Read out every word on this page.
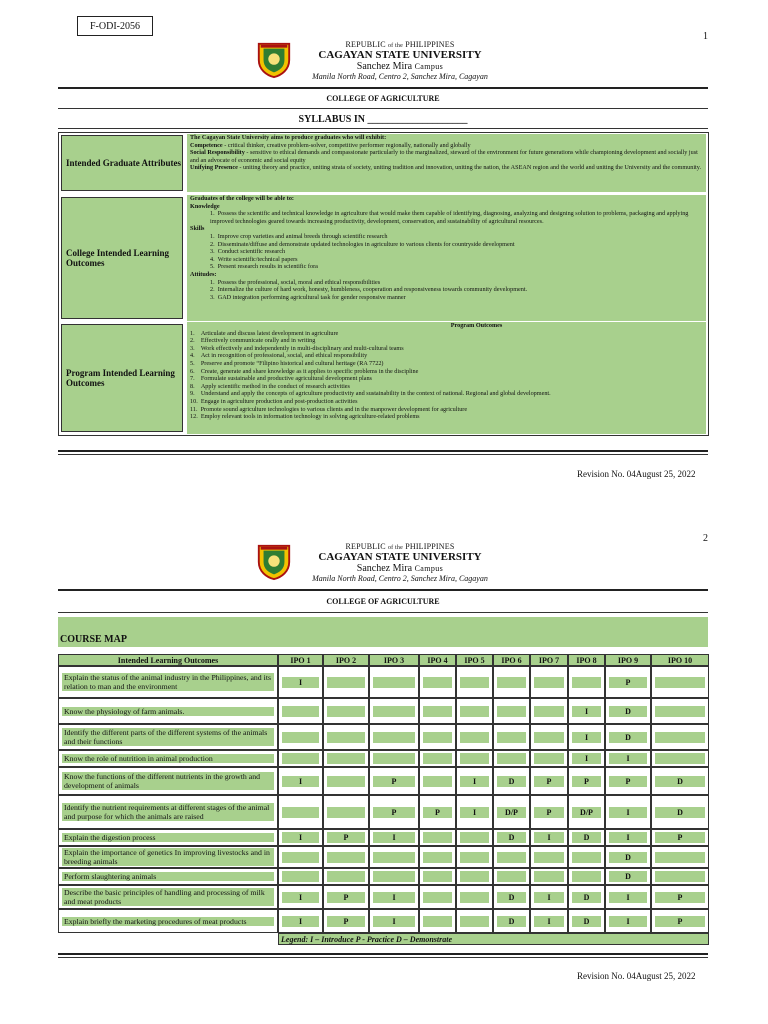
F-ODI-2056
1
REPUBLIC of the PHILIPPINES
CAGAYAN STATE UNIVERSITY
Sanchez Mira Campus
Manila North Road, Centro 2, Sanchez Mira, Cagayan
COLLEGE OF AGRICULTURE
SYLLABUS IN ____________________
Intended Graduate Attributes
The Cagayan State University aims to produce graduates who will exhibit:
Competence - critical thinker, creative problem-solver, competitive performer regionally, nationally and globally
Social Responsibility - sensitive to ethical demands and compassionate particularly to the marginalized, steward of the environment for future generations while championing development and socially just and an advocate of economic and social equity
Unifying Presence - uniting theory and practice, uniting strata of society, uniting tradition and innovation, uniting the nation, the ASEAN region and the world and uniting the University and the community.
College Intended Learning Outcomes
Graduates of the college will be able to:
Knowledge
1.  Possess the scientific and technical knowledge in agriculture that would make them capable of identifying, diagnosing, analyzing and designing solution to problems, packaging and applying improved technologies geared towards increasing productivity, development, conservation, and sustainability of agricultural resources.
Skills
1.  Improve crop varieties and animal breeds through scientific research
2.  Disseminate/diffuse and demonstrate updated technologies in agriculture to various clients for countryside development
3.  Conduct scientific research
4.  Write scientific/technical papers
5.  Present research results in scientific fora
Attitudes:
1.  Possess the professional, social, moral and ethical responsibilities
2.  Internalize the culture of hard work, honesty, humbleness, cooperation and responsiveness towards community development.
3.  GAD integration performing agricultural task for gender responsive manner
Program Intended Learning Outcomes
Program Outcomes
1.    Articulate and discuss latest development in agriculture
2.    Effectively communicate orally and in writing
3.    Work effectively and independently in multi-disciplinary and multi-cultural teams
4.    Act in recognition of professional, social, and ethical responsibility
5.    Preserve and promote “Filipino historical and cultural heritage (RA 7722)
6.    Create, generate and share knowledge as it applies to specific problems in the discipline
7.    Formulate sustainable and productive agricultural development plans
8.    Apply scientific method in the conduct of research activities
9.    Understand and apply the concepts of agriculture productivity and sustainability in the context of national. Regional and global development.
10.  Engage in agriculture production and post-production activities
11.  Promote sound agriculture technologies to various clients and in the manpower development for agriculture
12.  Employ relevant tools in information technology in solving agriculture-related problems
Revision No. 04August 25, 2022
2
REPUBLIC of the PHILIPPINES
CAGAYAN STATE UNIVERSITY
Sanchez Mira Campus
Manila North Road, Centro 2, Sanchez Mira, Cagayan
COLLEGE OF AGRICULTURE
COURSE MAP
Intended Learning Outcomes	IPO 1	IPO 2	IPO 3	IPO 4	IPO 5	IPO 6	IPO 7	IPO 8	IPO 9	IPO 10

Explain the status of the animal industry in the Philippines, and its relation to man and the environment	I								P	

Know the physiology of farm animals.								I	D	

Identify the different parts of the different systems of the animals and their functions								I	D	

Know the role of nutrition in animal production								I	I	

Know the functions of the different nutrients in the growth and development of animals	I		P		I	D	P	P	P	D

Identify the nutrient requirements at different stages of the animal and purpose for which the animals are raised			P	P	I	D/P	P	D/P	I	D

Explain the digestion process	I	P	I			D	I	D	I	P

Explain the importance of genetics In improving livestocks and in breeding animals									D	

Perform slaughtering animals									D	

Describe the basic principles of handling and processing of milk and meat products	I	P	I			D	I	D	I	P

Explain briefly the marketing procedures of meat products	I	P	I			D	I	D	I	P

	Legend: I – Introduce P - Practice D – Demonstrate									
Revision No. 04August 25, 2022
